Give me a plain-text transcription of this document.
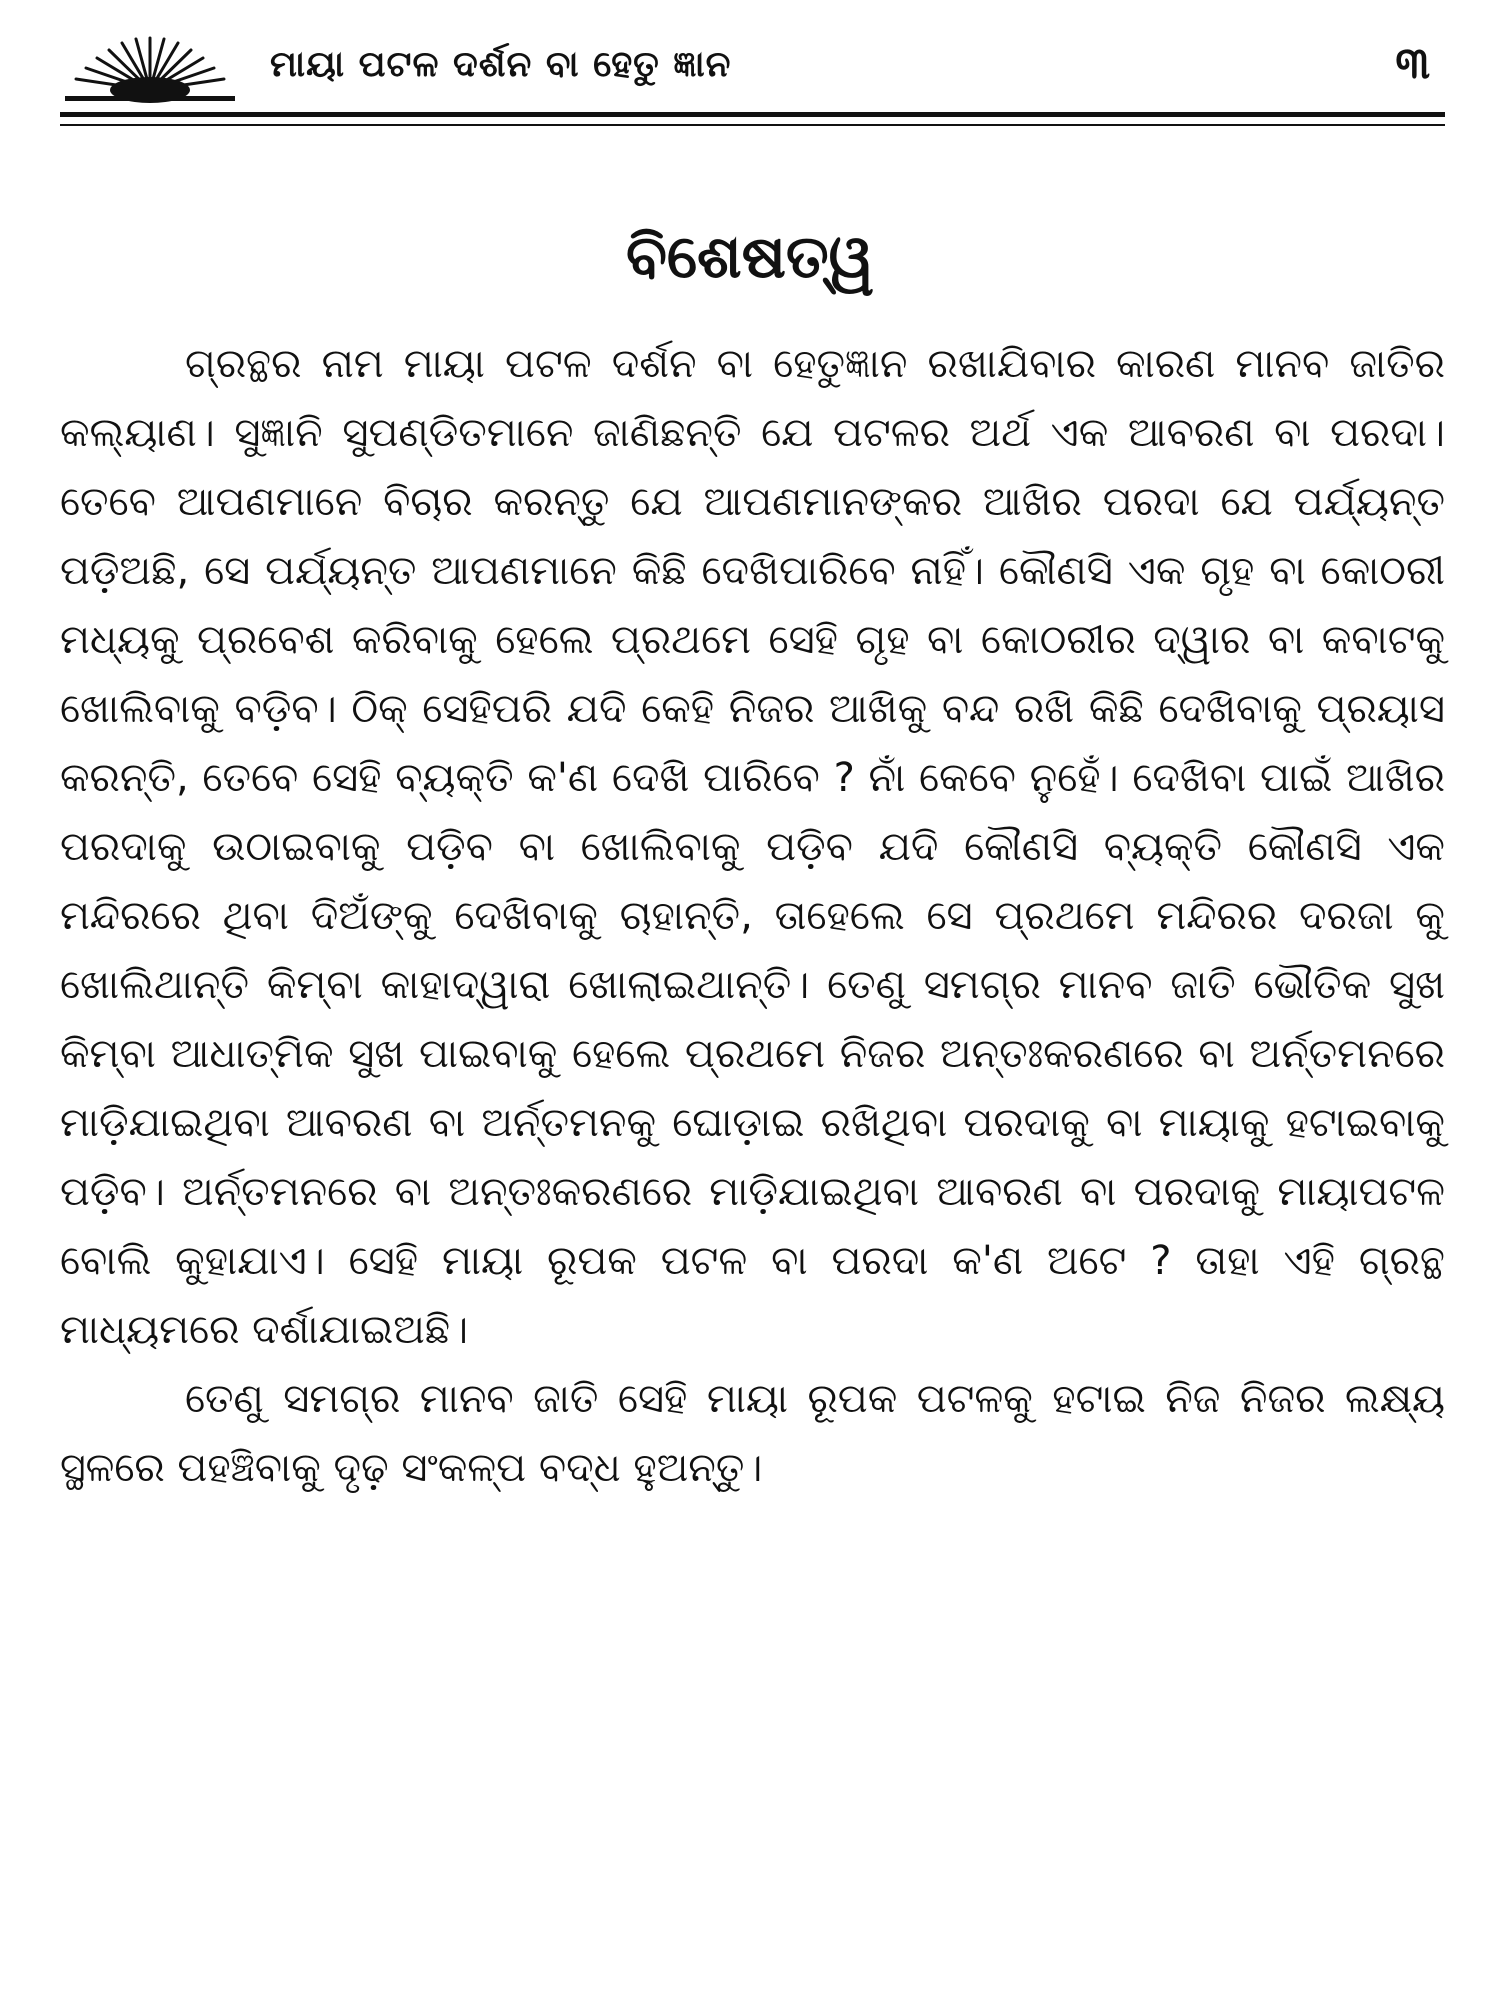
ମାୟା ପଟଳ ଦର୍ଶନ ବା ହେତୁ ଜ୍ଞାନ	୩
ବିଶେଷତ୍ୱ

ଗ୍ରନ୍ଥର ନାମ ମାୟା ପଟଳ ଦର୍ଶନ ବା ହେତୁଜ୍ଞାନ ରଖାଯିବାର କାରଣ ମାନବ ଜାତିର କଲ୍ୟାଣ। ସୁଜ୍ଞାନି ସୁପଣ୍ଡିତମାନେ ଜାଣିଛନ୍ତି ଯେ ପଟଳର ଅର୍ଥ ଏକ ଆବରଣ ବା ପରଦା। ତେବେ ଆପଣମାନେ ବିଚାର କରନ୍ତୁ ଯେ ଆପଣମାନଙ୍କର ଆଖିର ପରଦା ଯେ ପର୍ଯ୍ୟନ୍ତ ପଡ଼ିଅଛି, ସେ ପର୍ଯ୍ୟନ୍ତ ଆପଣମାନେ କିଛି ଦେଖିପାରିବେ ନାହିଁ। କୌଣସି ଏକ ଗୃହ ବା କୋଠରୀ ମଧ୍ୟକୁ ପ୍ରବେଶ କରିବାକୁ ହେଲେ ପ୍ରଥମେ ସେହି ଗୃହ ବା କୋଠରୀର ଦ୍ୱାର ବା କବାଟକୁ ଖୋଲିବାକୁ ବଡ଼ିବ। ଠିକ୍ ସେହିପରି ଯଦି କେହି ନିଜର ଆଖିକୁ ବନ୍ଦ ରଖି କିଛି ଦେଖିବାକୁ ପ୍ରୟାସ କରନ୍ତି, ତେବେ ସେହି ବ୍ୟକ୍ତି କ'ଣ ଦେଖି ପାରିବେ ? ନାଁ କେବେ ନୁହେଁ। ଦେଖିବା ପାଇଁ ଆଖିର ପରଦାକୁ ଉଠାଇବାକୁ ପଡ଼ିବ ବା ଖୋଲିବାକୁ ପଡ଼ିବ ଯଦି କୌଣସି ବ୍ୟକ୍ତି କୌଣସି ଏକ ମନ୍ଦିରରେ ଥିବା ଦିଅଁଙ୍କୁ ଦେଖିବାକୁ ଚାହାନ୍ତି, ତାହେଲେ ସେ ପ୍ରଥମେ ମନ୍ଦିରର ଦରଜା କୁ ଖୋଲିଥାନ୍ତି କିମ୍ବା କାହାଦ୍ୱାରା ଖୋଲାଇଥାନ୍ତି। ତେଣୁ ସମଗ୍ର ମାନବ ଜାତି ଭୌତିକ ସୁଖ କିମ୍ବା ଆଧାତ୍ମିକ ସୁଖ ପାଇବାକୁ ହେଲେ ପ୍ରଥମେ ନିଜର ଅନ୍ତଃକରଣରେ ବା ଅର୍ନ୍ତମନରେ ମାଡ଼ିଯାଇଥିବା ଆବରଣ ବା ଅର୍ନ୍ତମନକୁ ଘୋଡ଼ାଇ ରଖିଥିବା ପରଦାକୁ ବା ମାୟାକୁ ହଟାଇବାକୁ ପଡ଼ିବ। ଅର୍ନ୍ତମନରେ ବା ଅନ୍ତଃକରଣରେ ମାଡ଼ିଯାଇଥିବା ଆବରଣ ବା ପରଦାକୁ ମାୟାପଟଳ ବୋଲି କୁହାଯାଏ। ସେହି ମାୟା ରୂପକ ପଟଳ ବା ପରଦା କ'ଣ ଅଟେ ? ତାହା ଏହି ଗ୍ରନ୍ଥ ମାଧ୍ୟମରେ ଦର୍ଶାଯାଇଅଛି।

ତେଣୁ ସମଗ୍ର ମାନବ ଜାତି ସେହି ମାୟା ରୂପକ ପଟଳକୁ ହଟାଇ ନିଜ ନିଜର ଲକ୍ଷ୍ୟ ସ୍ଥଳରେ ପହଞ୍ଚିବାକୁ ଦୃଢ଼ ସଂକଳ୍ପ ବଦ୍ଧ ହୁଅନ୍ତୁ।
